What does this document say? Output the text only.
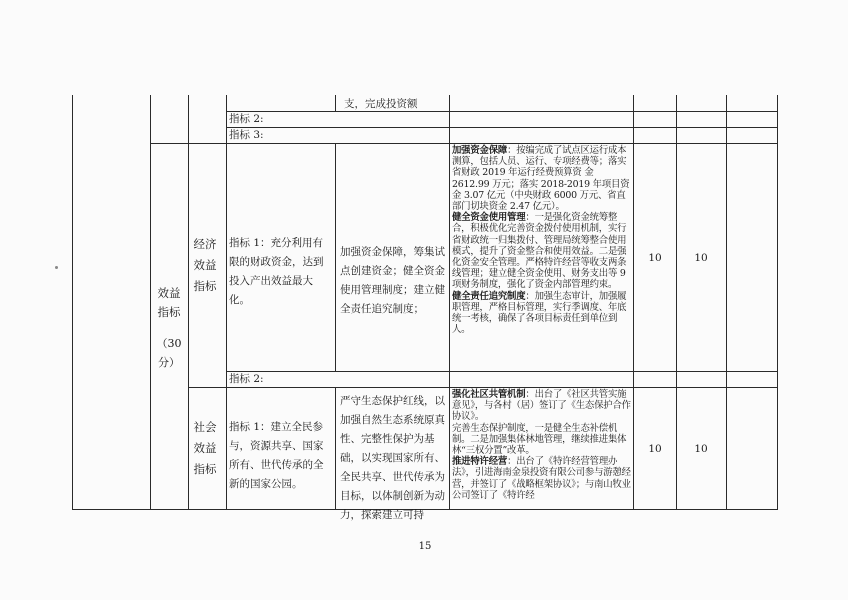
支，完成投资额
指标 2:
指标 3:
效益指标
（30分）
经济效益指标
指标 1：充分利用有限的财政资金，达到投入产出效益最大化。
加强资金保障，筹集试点创建资金；健全资金使用管理制度；建立健全责任追究制度；

加强资金保障：按编完成了试点区运行成本测算，包括人员、运行、专项经费等；落实省财政 2019 年运行经费预算资 金 2612.99 万元；落实 2018-2019 年项目资金 3.07 亿元（中央财政 6000 万元、省直部门切块资金 2.47 亿元）。

健全资金使用管理：一是强化资金统筹整合，积极优化完善资金拨付使用机制，实行省财政统一归集拨付、管理局统筹整合使用模式，提升了资金整合和使用效益。二是强化资金安全管理。严格特许经营等收支两条线管理；建立健全资金使用、财务支出等 9 项财务制度，强化了资金内部管理约束。

健全责任追究制度：加强生态审计，加强履职管理，严格目标管理，实行季调度、年底统一考核，确保了各项目标责任到单位到人。

10	10
指标 2:
社会效益指标
指标 1：建立全民参与，资源共享、国家所有、世代传承的全新的国家公园。
严守生态保护红线，以加强自然生态系统原真性、完整性保护为基础，以实现国家所有、全民共享、世代传承为目标，以体制创新为动力，探索建立可持

强化社区共管机制：出台了《社区共管实施意见》，与各村（居）签订了《生态保护合作协议》。

完善生态保护制度，一是健全生态补偿机制。二是加强集体林地管理，继续推进集体林“三权分置”改革。

推进特许经营：出台了《特许经营管理办法》，引进海南金泉投资有限公司参与游憩经营，并签订了《战略框架协议》；与南山牧业公司签订了《特许经

10	10
15
